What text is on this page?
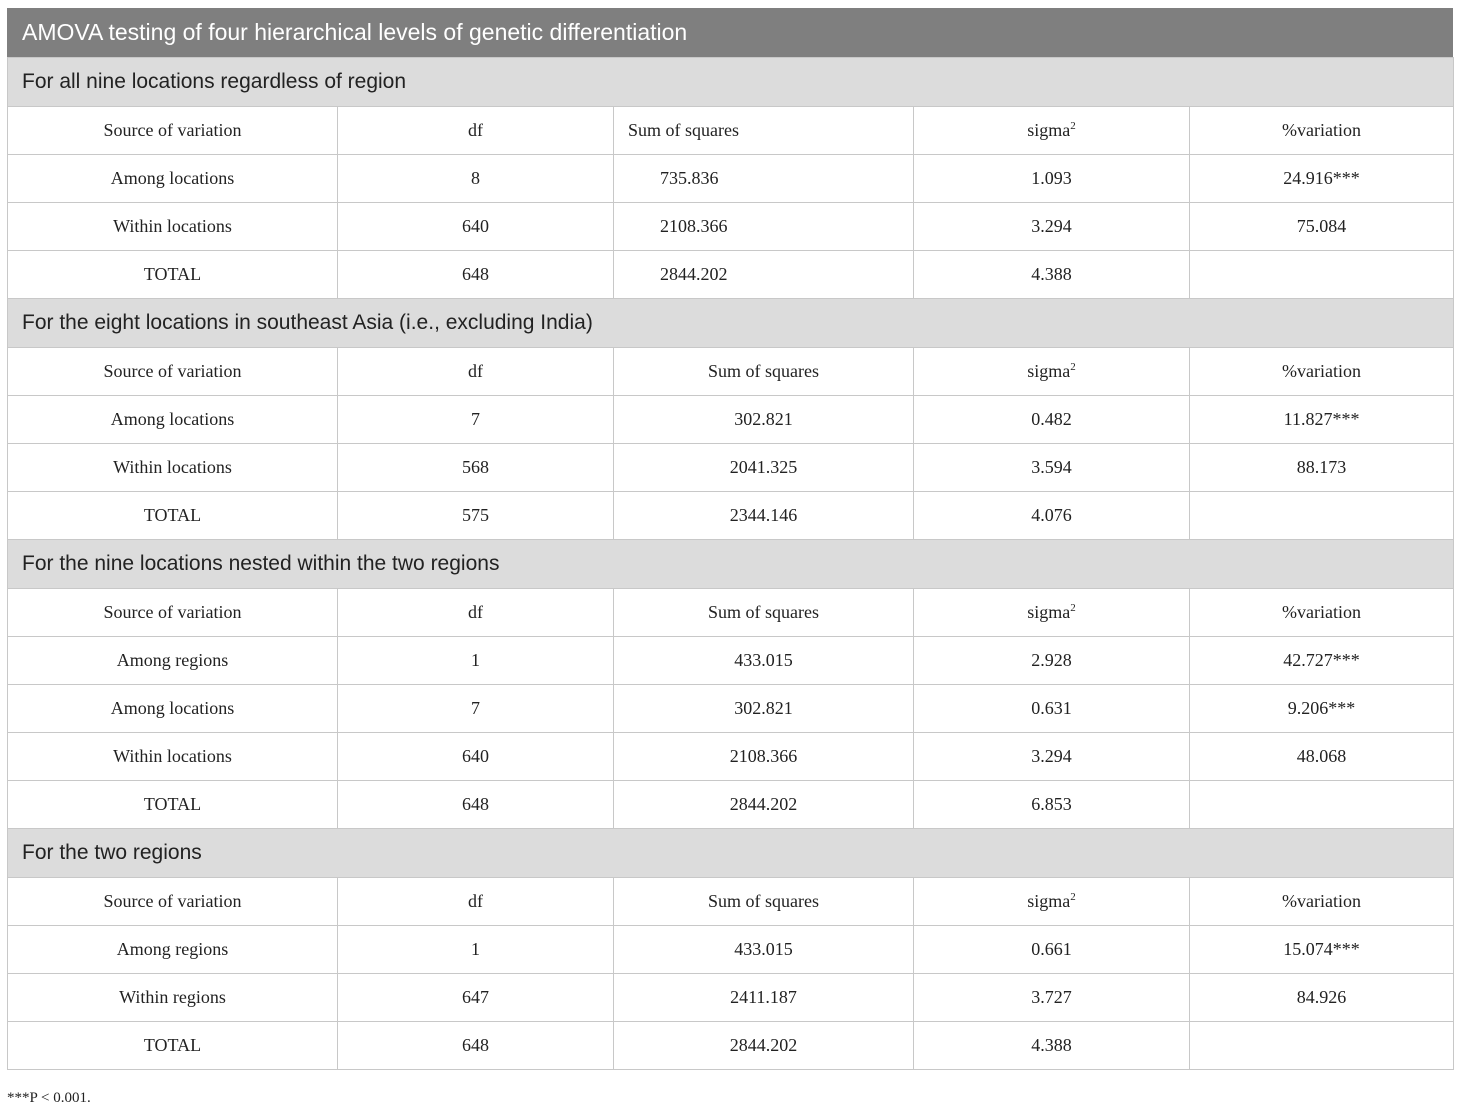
AMOVA testing of four hierarchical levels of genetic differentiation
For all nine locations regardless of region				
Source of variation	df	Sum of squares	sigma$^2$	%variation
Among locations	8	735.836	1.093	24.916***
Within locations	640	2108.366	3.294	75.084
TOTAL	648	2844.202	4.388	
For the eight locations in southeast Asia (i.e., excluding India)				
Source of variation	df	Sum of squares	sigma$^2$	%variation
Among locations	7	302.821	0.482	11.827***
Within locations	568	2041.325	3.594	88.173
TOTAL	575	2344.146	4.076	
For the nine locations nested within the two regions				
Source of variation	df	Sum of squares	sigma$^2$	%variation
Among regions	1	433.015	2.928	42.727***
Among locations	7	302.821	0.631	9.206***
Within locations	640	2108.366	3.294	48.068
TOTAL	648	2844.202	6.853	
For the two regions				
Source of variation	df	Sum of squares	sigma$^2$	%variation
Among regions	1	433.015	0.661	15.074***
Within regions	647	2411.187	3.727	84.926
TOTAL	648	2844.202	4.388	
***P < 0.001.
